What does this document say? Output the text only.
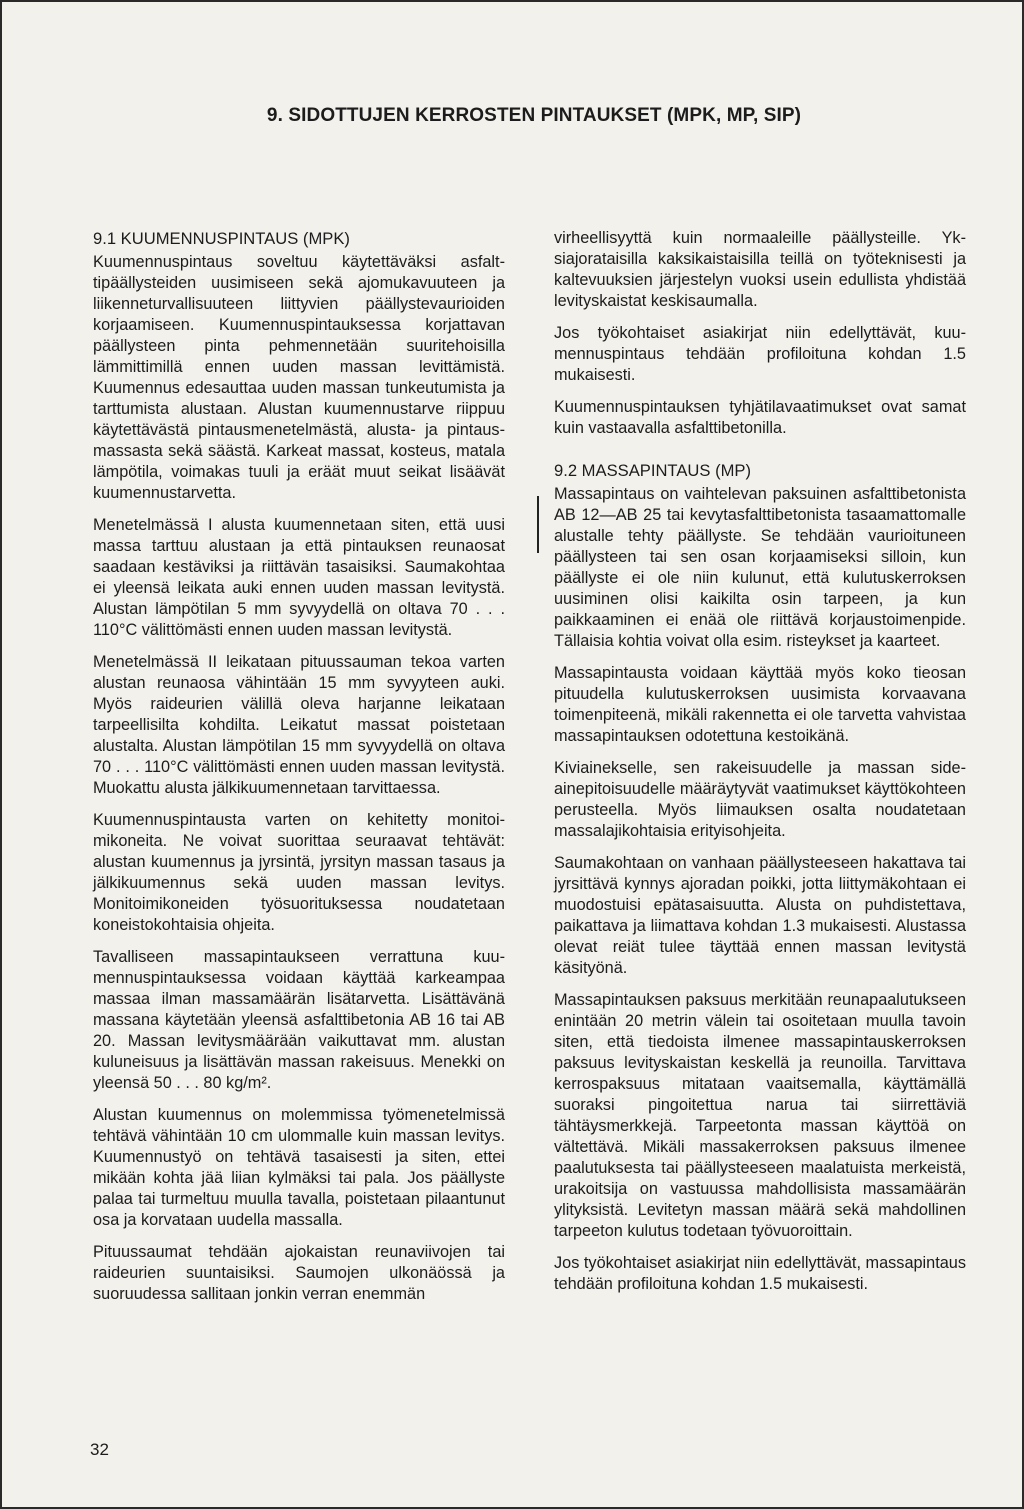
9. SIDOTTUJEN KERROSTEN PINTAUKSET (MPK, MP, SIP)
9.1 KUUMENNUSPINTAUS (MPK)

Kuumennuspintaus soveltuu käytettäväksi asfalttipäällysteiden uusimiseen sekä ajomukavuuteen ja liikenneturvallisuuteen liittyvien päällystevaurioiden korjaamiseen. Kuumennuspintauksessa korjattavan päällysteen pinta pehmennetään suuritehoisilla lämmittimillä ennen uuden massan levittämistä. Kuumennus edesauttaa uuden massan tunkeutumista ja tarttumista alustaan. Alustan kuumennustarve riippuu käytettävästä pintausmenetelmästä, alusta- ja pintausmassasta sekä säästä. Karkeat massat, kosteus, matala lämpötila, voimakas tuuli ja eräät muut seikat lisäävät kuumennustarvetta.

Menetelmässä I alusta kuumennetaan siten, että uusi massa tarttuu alustaan ja että pintauksen reunaosat saadaan kestäviksi ja riittävän tasaisiksi. Saumakohtaa ei yleensä leikata auki ennen uuden massan levitystä. Alustan lämpötilan 5 mm syvyydellä on oltava 70 . . . 110°C välittömästi ennen uuden massan levitystä.

Menetelmässä II leikataan pituussauman tekoa varten alustan reunaosa vähintään 15 mm syvyyteen auki. Myös raideurien välillä oleva harjanne leikataan tarpeellisilta kohdilta. Leikatut massat poistetaan alustalta. Alustan lämpötilan 15 mm syvyydellä on oltava 70 . . . 110°C välittömästi ennen uuden massan levitystä. Muokattu alusta jälkikuumennetaan tarvittaessa.

Kuumennuspintausta varten on kehitetty monitoimikoneita. Ne voivat suorittaa seuraavat tehtävät: alustan kuumennus ja jyrsintä, jyrsityn massan tasaus ja jälkikuumennus sekä uuden massan levitys. Monitoimikoneiden työsuorituksessa noudatetaan koneistokohtaisia ohjeita.

Tavalliseen massapintaukseen verrattuna kuumennuspintauksessa voidaan käyttää karkeampaa massaa ilman massamäärän lisätarvetta. Lisättävänä massana käytetään yleensä asfalttibetonia AB 16 tai AB 20. Massan levitysmäärään vaikuttavat mm. alustan kuluneisuus ja lisättävän massan rakeisuus. Menekki on yleensä 50 . . . 80 kg/m².

Alustan kuumennus on molemmissa työmenetelmissä tehtävä vähintään 10 cm ulommalle kuin massan levitys. Kuumennustyö on tehtävä tasaisesti ja siten, ettei mikään kohta jää liian kylmäksi tai pala. Jos päällyste palaa tai turmeltuu muulla tavalla, poistetaan pilaantunut osa ja korvataan uudella massalla.

Pituussaumat tehdään ajokaistan reunaviivojen tai raideurien suuntaisiksi. Saumojen ulkonäössä ja suoruudessa sallitaan jonkin verran enemmän

virheellisyyttä kuin normaaleille päällysteille. Yksiajorataisilla kaksikaistaisilla teillä on työteknisesti ja kaltevuuksien järjestelyn vuoksi usein edullista yhdistää levityskaistat keskisaumalla.

Jos työkohtaiset asiakirjat niin edellyttävät, kuumennuspintaus tehdään profiloituna kohdan 1.5 mukaisesti.

Kuumennuspintauksen tyhjätilavaatimukset ovat samat kuin vastaavalla asfalttibetonilla.

9.2 MASSAPINTAUS (MP)

Massapintaus on vaihtelevan paksuinen asfalttibetonista AB 12—AB 25 tai kevytasfalttibetonista tasaamattomalle alustalle tehty päällyste. Se tehdään vaurioituneen päällysteen tai sen osan korjaamiseksi silloin, kun päällyste ei ole niin kulunut, että kulutuskerroksen uusiminen olisi kaikilta osin tarpeen, ja kun paikkaaminen ei enää ole riittävä korjaustoimenpide. Tällaisia kohtia voivat olla esim. risteykset ja kaarteet.

Massapintausta voidaan käyttää myös koko tieosan pituudella kulutuskerroksen uusimista korvaavana toimenpiteenä, mikäli rakennetta ei ole tarvetta vahvistaa massapintauksen odotettuna kestoikänä.

Kiviainekselle, sen rakeisuudelle ja massan sideainepitoisuudelle määräytyvät vaatimukset käyttökohteen perusteella. Myös liimauksen osalta noudatetaan massalajikohtaisia erityisohjeita.

Saumakohtaan on vanhaan päällysteeseen hakattava tai jyrsittävä kynnys ajoradan poikki, jotta liittymäkohtaan ei muodostuisi epätasaisuutta. Alusta on puhdistettava, paikattava ja liimattava kohdan 1.3 mukaisesti. Alustassa olevat reiät tulee täyttää ennen massan levitystä käsityönä.

Massapintauksen paksuus merkitään reunapaalutukseen enintään 20 metrin välein tai osoitetaan muulla tavoin siten, että tiedoista ilmenee massapintauskerroksen paksuus levityskaistan keskellä ja reunoilla. Tarvittava kerrospaksuus mitataan vaaitsemalla, käyttämällä suoraksi pingoitettua narua tai siirrettäviä tähtäysmerkkejä. Tarpeetonta massan käyttöä on vältettävä. Mikäli massakerroksen paksuus ilmenee paalutuksesta tai päällysteeseen maalatuista merkeistä, urakoitsija on vastuussa mahdollisista massamäärän ylityksistä. Levitetyn massan määrä sekä mahdollinen tarpeeton kulutus todetaan työvuoroittain.

Jos työkohtaiset asiakirjat niin edellyttävät, massapintaus tehdään profiloituna kohdan 1.5 mukaisesti.

32
